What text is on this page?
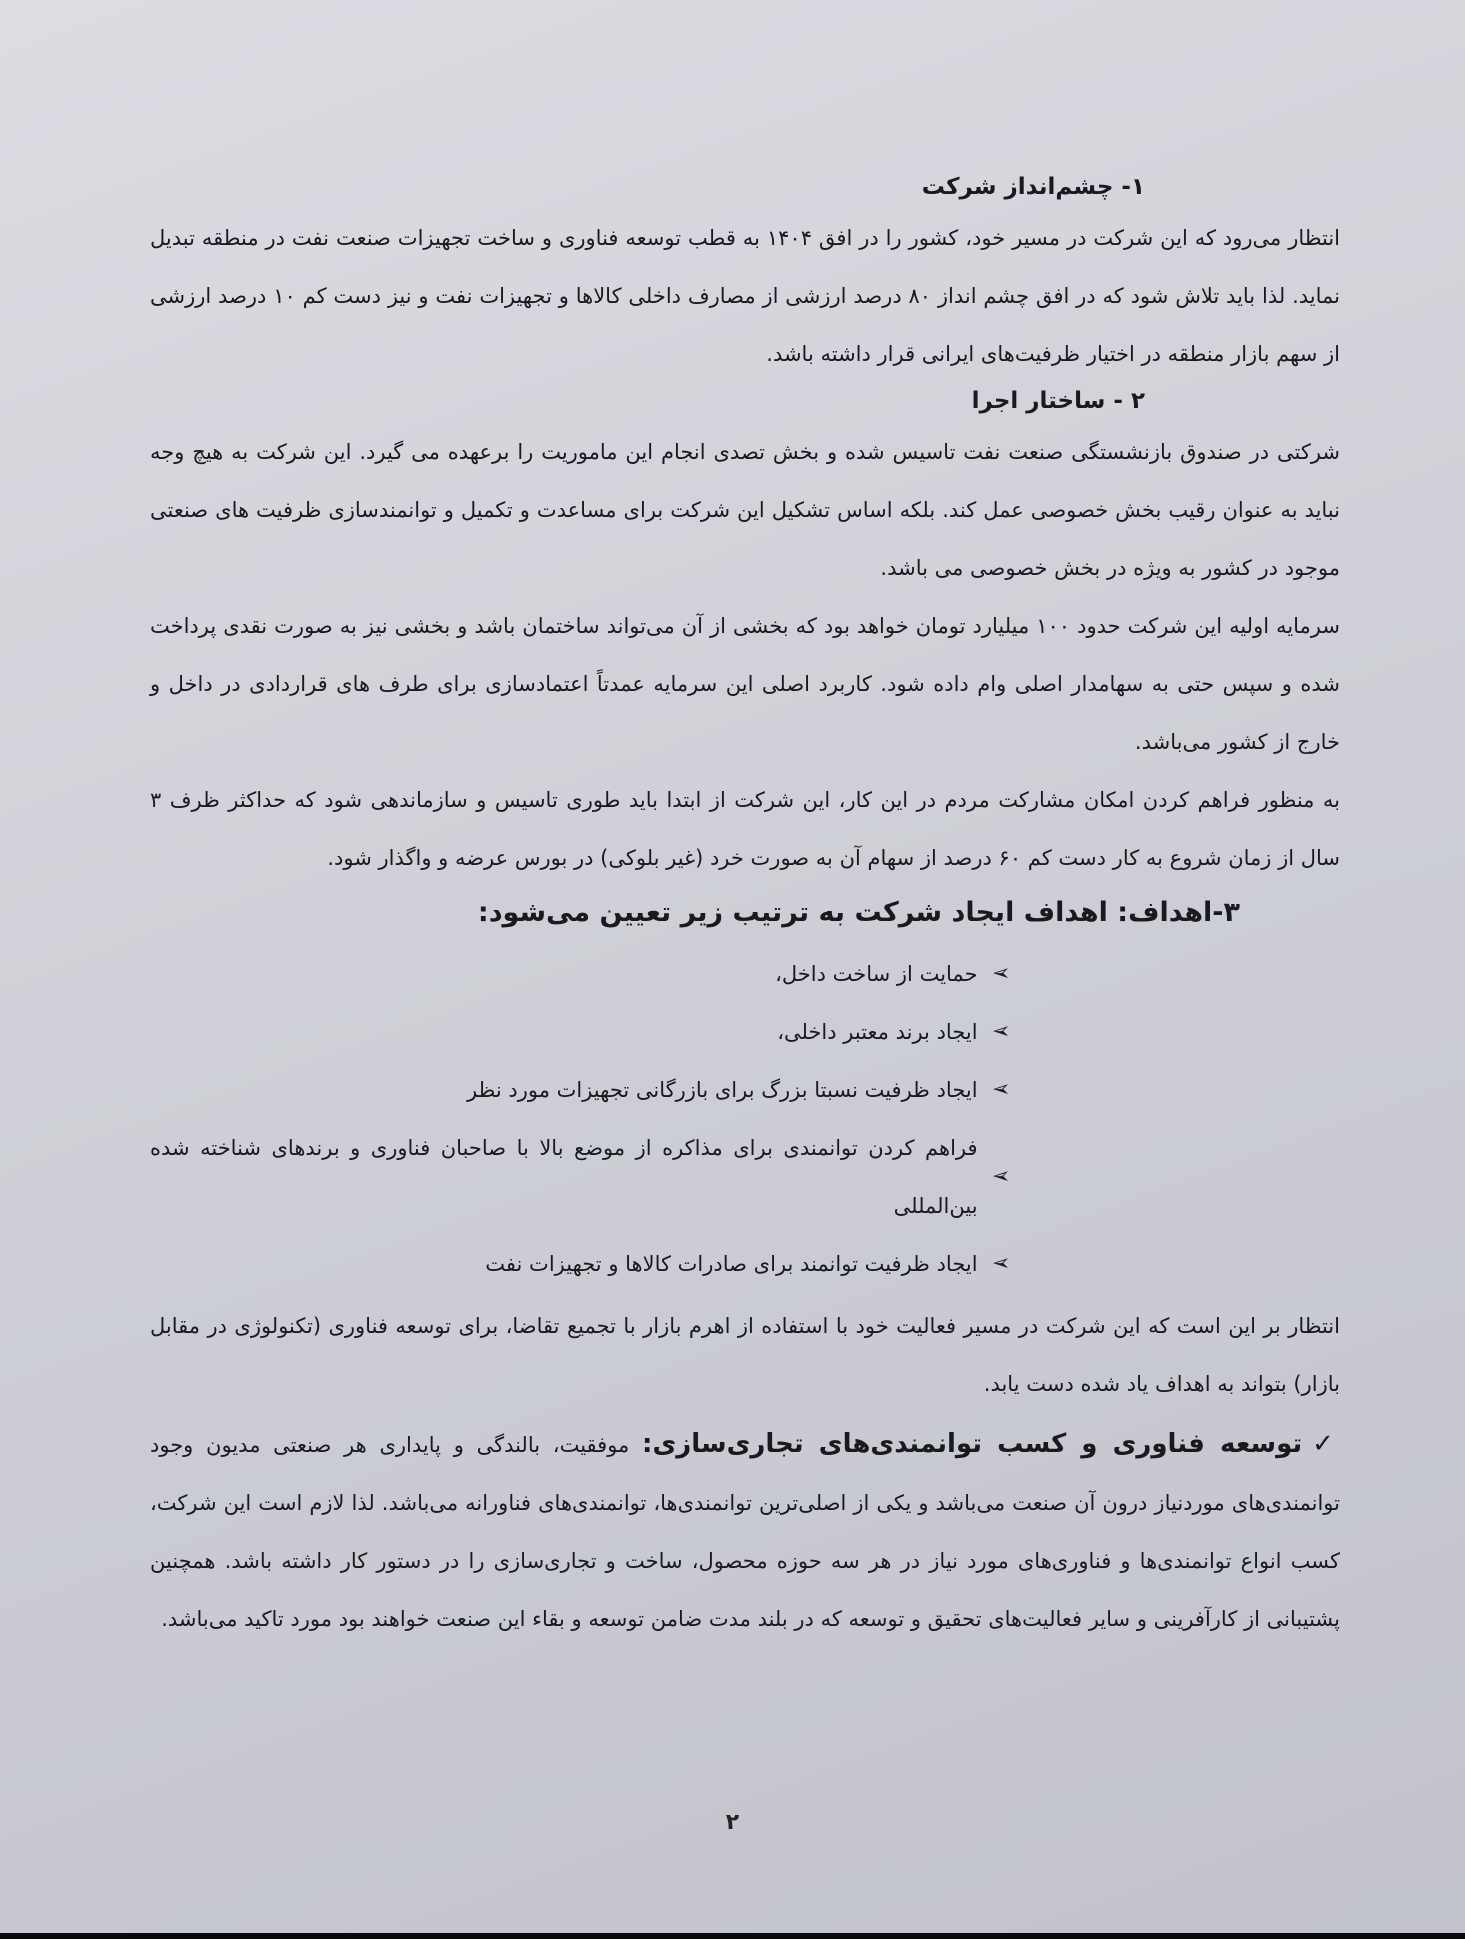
۱- چشم‌انداز شرکت

انتظار می‌رود که این شرکت در مسیر خود، کشور را در افق ۱۴۰۴ به قطب توسعه فناوری و ساخت تجهیزات صنعت نفت در منطقه تبدیل نماید. لذا باید تلاش شود که در افق چشم انداز ۸۰ درصد ارزشی از مصارف داخلی کالاها و تجهیزات نفت و نیز دست کم ۱۰ درصد ارزشی از سهم بازار منطقه در اختیار ظرفیت‌های ایرانی قرار داشته باشد.

۲ - ساختار اجرا

شرکتی در صندوق بازنشستگی صنعت نفت تاسیس شده و بخش تصدی انجام این ماموریت را برعهده می گیرد. این شرکت به هیچ وجه نباید به عنوان رقیب بخش خصوصی عمل کند. بلکه اساس تشکیل این شرکت برای مساعدت و تکمیل و توانمندسازی ظرفیت های صنعتی موجود در کشور به ویژه در بخش خصوصی می باشد.

سرمایه اولیه این شرکت حدود ۱۰۰ میلیارد تومان خواهد بود که بخشی از آن می‌تواند ساختمان باشد و بخشی نیز به صورت نقدی پرداخت شده و سپس حتی به سهامدار اصلی وام داده شود. کاربرد اصلی این سرمایه عمدتاً اعتمادسازی برای طرف های قراردادی در داخل و خارج از کشور می‌باشد.

به منظور فراهم کردن امکان مشارکت مردم در این کار، این شرکت از ابتدا باید طوری تاسیس و سازماندهی شود که حداکثر ظرف ۳ سال از زمان شروع به کار دست کم ۶۰ درصد از سهام آن به صورت خرد (غیر بلوکی) در بورس عرضه و واگذار شود.

۳-اهداف: اهداف ایجاد شرکت به ترتیب زیر تعیین می‌شود:
➢
حمایت از ساخت داخل،
➢
ایجاد برند معتبر داخلی،
➢
ایجاد ظرفیت نسبتا بزرگ برای بازرگانی تجهیزات مورد نظر
➢
فراهم کردن توانمندی برای مذاکره از موضع بالا با صاحبان فناوری و برندهای شناخته شده بین‌المللی
➢
ایجاد ظرفیت توانمند برای صادرات کالاها و تجهیزات نفت

انتظار بر این است که این شرکت در مسیر فعالیت خود با استفاده از اهرم بازار با تجمیع تقاضا، برای توسعه فناوری (تکنولوژی در مقابل بازار) بتواند به اهداف یاد شده دست یابد.

✓توسعه فناوری و کسب توانمندی‌های تجاری‌سازی: موفقیت، بالندگی و پایداری هر صنعتی مدیون وجود توانمندی‌های موردنیاز درون آن صنعت می‌باشد و یکی از اصلی‌ترین توانمندی‌ها، توانمندی‌های فناورانه می‌باشد. لذا لازم است این شرکت، کسب انواع توانمندی‌ها و فناوری‌های مورد نیاز در هر سه حوزه محصول، ساخت و تجاری‌سازی را در دستور کار داشته باشد. همچنین پشتیبانی از کارآفرینی و سایر فعالیت‌های تحقیق و توسعه که در بلند مدت ضامن توسعه و بقاء این صنعت خواهند بود مورد تاکید می‌باشد.

۲
